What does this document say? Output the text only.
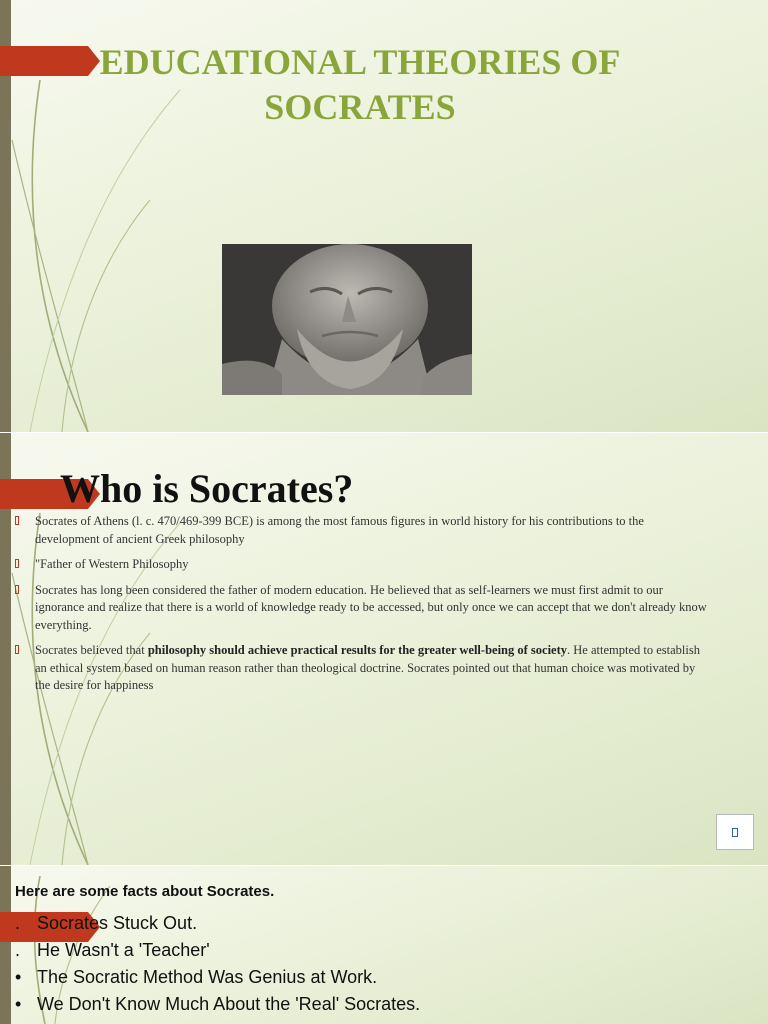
EDUCATIONAL THEORIES OF SOCRATES
Who is Socrates?
Socrates of Athens (l. c. 470/469-399 BCE) is among the most famous figures in world history for his contributions to the development of ancient Greek philosophy
"Father of Western Philosophy
Socrates has long been considered the father of modern education. He believed that as self-learners we must first admit to our ignorance and realize that there is a world of knowledge ready to be accessed, but only once we can accept that we don't already know everything.
Socrates believed that philosophy should achieve practical results for the greater well-being of society. He attempted to establish an ethical system based on human reason rather than theological doctrine. Socrates pointed out that human choice was motivated by the desire for happiness
Here are some facts about Socrates.
. Socrates Stuck Out.
. He Wasn't a 'Teacher'
• The Socratic Method Was Genius at Work.
• We Don't Know Much About the 'Real' Socrates.
